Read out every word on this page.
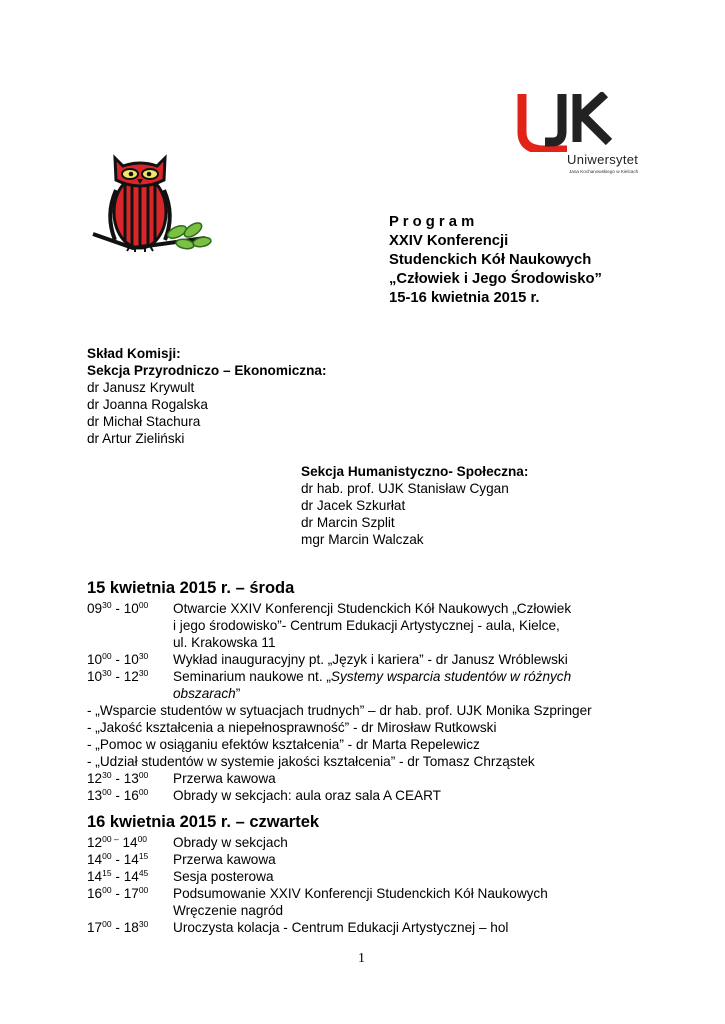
Uniwersytet
Jana Kochanowskiego w Kielcach
P r o g r a m
XXIV Konferencji
Studenckich Kół Naukowych
„Człowiek i Jego Środowisko”
15-16 kwietnia 2015 r.
Skład Komisji:
Sekcja Przyrodniczo – Ekonomiczna:
dr Janusz Krywult
dr Joanna Rogalska
dr Michał Stachura
dr Artur Zieliński
Sekcja Humanistyczno- Społeczna:
dr hab. prof. UJK Stanisław Cygan
dr Jacek Szkurłat
dr Marcin Szplit
mgr Marcin Walczak
15 kwietnia 2015 r. – środa
$09^{30} - 10^{00}$ Otwarcie XXIV Konferencji Studenckich Kół Naukowych „Człowiek
i jego środowisko”- Centrum Edukacji Artystycznej - aula, Kielce,
ul. Krakowska 11
$10^{00} - 10^{30}$ Wykład inauguracyjny pt. „Język i kariera” - dr Janusz Wróblewski
$10^{30} - 12^{30}$ Seminarium naukowe nt. „Systemy wsparcia studentów w różnych
obszarach”
- „Wsparcie studentów w sytuacjach trudnych” – dr hab. prof. UJK Monika Szpringer
- „Jakość kształcenia a niepełnosprawność” - dr Mirosław Rutkowski
- „Pomoc w osiąganiu efektów kształcenia” - dr Marta Repelewicz
- „Udział studentów w systemie jakości kształcenia” - dr Tomasz Chrząstek
$12^{30} - 13^{00}$ Przerwa kawowa
$13^{00} - 16^{00}$ Obrady w sekcjach: aula oraz sala A CEART
16 kwietnia 2015 r. – czwartek
$12^{00 -}$ $14^{00}$ Obrady w sekcjach
$14^{00} - 14^{15}$ Przerwa kawowa
$14^{15} - 14^{45}$ Sesja posterowa
$16^{00} - 17^{00}$ Podsumowanie XXIV Konferencji Studenckich Kół Naukowych
Wręczenie nagród
$17^{00} - 18^{30}$ Uroczysta kolacja - Centrum Edukacji Artystycznej – hol
1
